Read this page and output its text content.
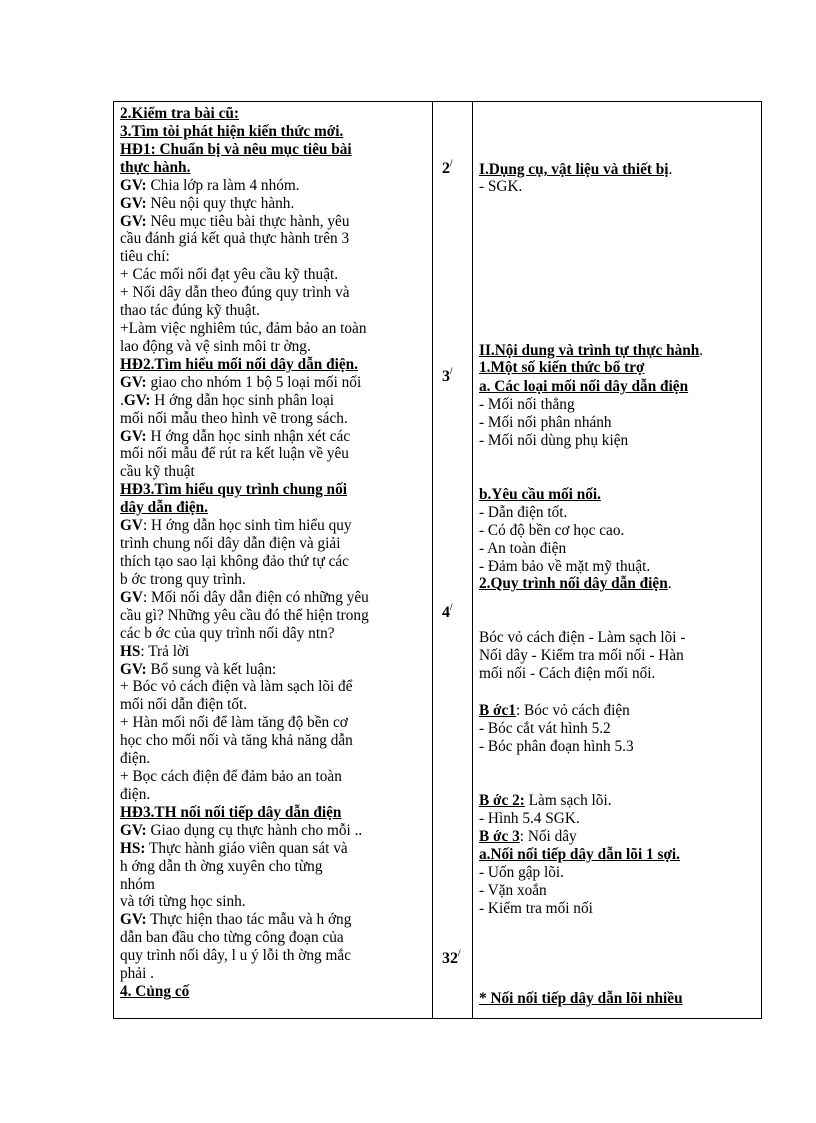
2.Kiểm tra bài cũ:
3.Tìm tòi phát hiện kiến thức mới.
HĐ1: Chuẩn bị và nêu mục tiêu bài
thực hành.
GV: Chia lớp ra làm 4 nhóm.
GV: Nêu nội quy thực hành.
GV: Nêu mục tiêu bài thực hành, yêu
cầu đánh giá kết quả thực hành trên 3
tiêu chí:
+ Các mối nối đạt yêu cầu kỹ thuật.
+ Nối dây dẫn theo đúng quy trình và
thao tác đúng kỹ thuật.
+Làm việc nghiêm túc, đảm bảo an toàn
lao động và vệ sinh môi tr ờng.
HĐ2.Tìm hiểu mối nối dây dẫn điện.
GV: giao cho nhóm 1 bộ 5 loại mối nối
.GV: H ớng dẫn học sinh phân loại
mối nối mẫu theo hình vẽ trong sách.
GV: H ớng dẫn học sinh nhận xét các
mối nối mẫu để rút ra kết luận về yêu
cầu kỹ thuật
HĐ3.Tìm hiểu quy trình chung nối
dây dẫn điện.
GV: H ớng dẫn học sinh tìm hiểu quy
trình chung nối dây dẫn điện và giải
thích tạo sao lại không đảo thứ tự các
b ớc trong quy trình.
GV: Mối nối dây dẫn điện có những yêu
cầu gì? Những yêu cầu đó thể hiện trong
các b ớc của quy trình nối dây ntn?
HS: Trả lời
GV: Bổ sung và kết luận:
+ Bóc vỏ cách điện và làm sạch lõi để
mối nối dẫn điện tốt.
+ Hàn mối nối để làm tăng độ bền cơ
học cho mối nối và tăng khả năng dẫn
điện.
+ Bọc cách điện để đảm bảo an toàn
điện.
HĐ3.TH nối nối tiếp dây dẫn điện
GV: Giao dụng cụ thực hành cho mỗi ..
HS: Thực hành giáo viên quan sát và
h ớng dẫn th ờng xuyên cho từng
nhóm
và tới từng học sinh.
GV: Thực hiện thao tác mẫu và h ớng
dẫn ban đầu cho từng công đoạn của
quy trình nối dây, l u ý lỗi th ờng mắc
phải .
4. Củng cố
2/
3/
4/
32/
I.Dụng cụ, vật liệu và thiết bị.
- SGK.
II.Nội dung và trình tự thực hành.
1.Một số kiến thức bổ trợ
a. Các loại mối nối dây dẫn điện
- Mối nối thẳng
- Mối nối phân nhánh
- Mối nối dùng phụ kiện
b.Yêu cầu mối nối.
- Dẫn điện tốt.
- Có độ bền cơ học cao.
- An toàn điện
- Đảm bảo về mặt mỹ thuật.
2.Quy trình nối dây dẫn điện.
Bóc vỏ cách điện - Làm sạch lõi -
Nối dây - Kiểm tra mối nối - Hàn
mối nối - Cách điện mối nối.
B ớc1: Bóc vỏ cách điện
- Bóc cắt vát hình 5.2
- Bóc phân đoạn hình 5.3
B ớc 2: Làm sạch lõi.
- Hình 5.4 SGK.
B ớc 3: Nối dây
a.Nối nối tiếp dây dẫn lõi 1 sợi.
- Uốn gập lõi.
- Vặn xoắn
- Kiểm tra mối nối
* Nối nối tiếp dây dẫn lõi nhiều
